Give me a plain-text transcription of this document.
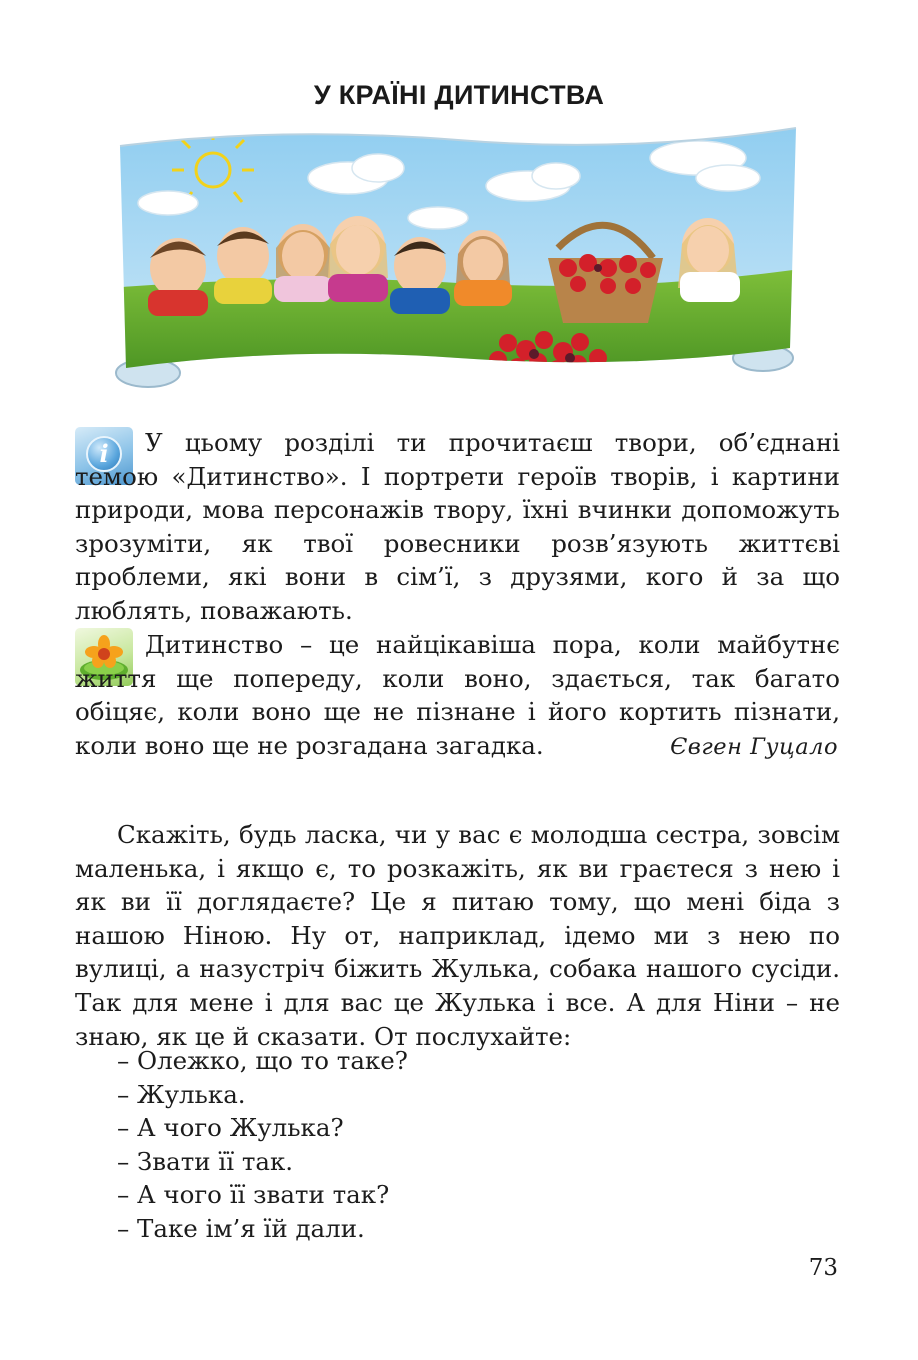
У КРАЇНІ ДИТИНСТВА
i	У цьому розділі ти прочитаєш твори, об’єднані темою «Дитинство». І портрети героїв творів, і картини природи, мова персонажів твору, їхні вчинки допоможуть зрозуміти, як твої ровесники розв’язують життєві проблеми, які вони в сім’ї, з друзями, кого й за що люблять, поважають.

Дитинство – це найцікавіша пора, коли майбутнє життя ще попереду, коли воно, здається, так багато обіцяє, коли воно ще не пізнане і його кортить пізнати, коли воно ще не розгадана загадка.	Євген Гуцало

Скажіть, будь ласка, чи у вас є молодша сестра, зовсім маленька, і якщо є, то розкажіть, як ви граєтеся з нею і як ви її доглядаєте? Це я питаю тому, що мені біда з нашою Ніною. Ну от, наприклад, ідемо ми з нею по вулиці, а назустріч біжить Жулька, собака нашого сусіди. Так для мене і для вас це Жулька і все. А для Ніни – не знаю, як це й сказати. От послухайте:

– Олежко, що то таке?
– Жулька.
– А чого Жулька?
– Звати її так.
– А чого її звати так?
– Таке ім’я їй дали.
73
